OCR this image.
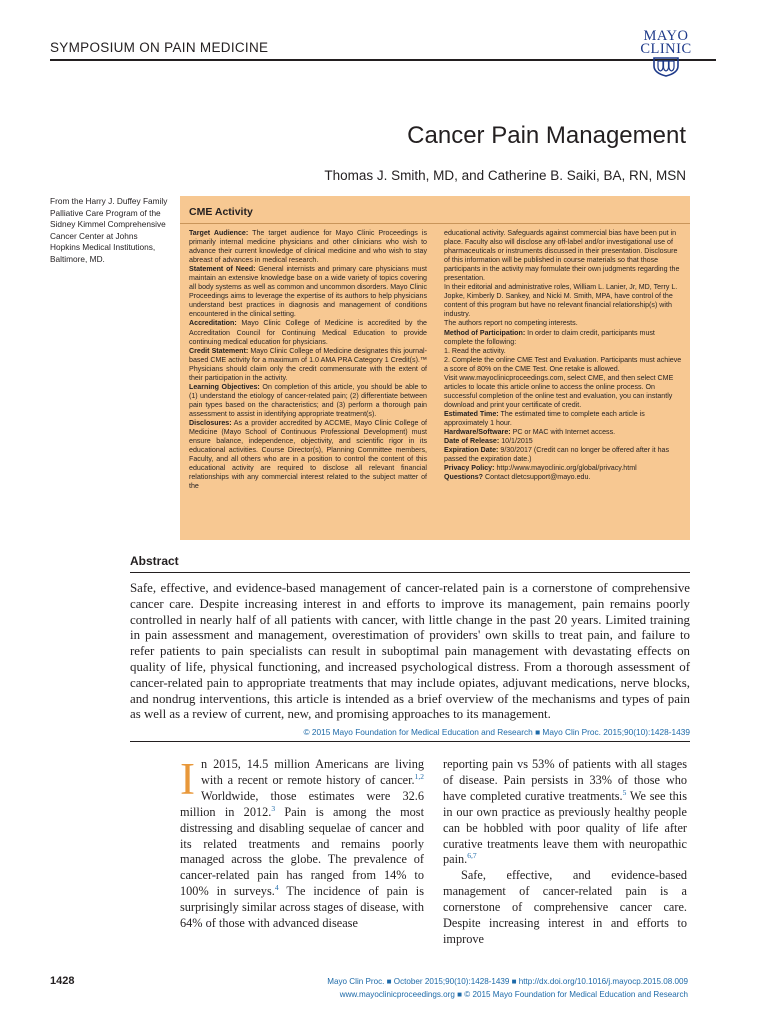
SYMPOSIUM ON PAIN MEDICINE
MAYO
CLINIC
Cancer Pain Management
Thomas J. Smith, MD, and Catherine B. Saiki, BA, RN, MSN
From the Harry J. Duffey Family Palliative Care Program of the Sidney Kimmel Comprehensive Cancer Center at Johns Hopkins Medical Institutions, Baltimore, MD.
CME Activity

Target Audience: The target audience for Mayo Clinic Proceedings is primarily internal medicine physicians and other clinicians who wish to advance their current knowledge of clinical medicine and who wish to stay abreast of advances in medical research.

Statement of Need: General internists and primary care physicians must maintain an extensive knowledge base on a wide variety of topics covering all body systems as well as common and uncommon disorders. Mayo Clinic Proceedings aims to leverage the expertise of its authors to help physicians understand best practices in diagnosis and management of conditions encountered in the clinical setting.

Accreditation: Mayo Clinic College of Medicine is accredited by the Accreditation Council for Continuing Medical Education to provide continuing medical education for physicians.

Credit Statement: Mayo Clinic College of Medicine designates this journal-based CME activity for a maximum of 1.0 AMA PRA Category 1 Credit(s).™ Physicians should claim only the credit commensurate with the extent of their participation in the activity.

Learning Objectives: On completion of this article, you should be able to (1) understand the etiology of cancer-related pain; (2) differentiate between pain types based on the characteristics; and (3) perform a thorough pain assessment to assist in identifying appropriate treatment(s).

Disclosures: As a provider accredited by ACCME, Mayo Clinic College of Medicine (Mayo School of Continuous Professional Development) must ensure balance, independence, objectivity, and scientific rigor in its educational activities. Course Director(s), Planning Committee members, Faculty, and all others who are in a position to control the content of this educational activity are required to disclose all relevant financial relationships with any commercial interest related to the subject matter of the

educational activity. Safeguards against commercial bias have been put in place. Faculty also will disclose any off-label and/or investigational use of pharmaceuticals or instruments discussed in their presentation. Disclosure of this information will be published in course materials so that those participants in the activity may formulate their own judgments regarding the presentation.

In their editorial and administrative roles, William L. Lanier, Jr, MD, Terry L. Jopke, Kimberly D. Sankey, and Nicki M. Smith, MPA, have control of the content of this program but have no relevant financial relationship(s) with industry.

The authors report no competing interests.

Method of Participation: In order to claim credit, participants must complete the following:

1. Read the activity.

2. Complete the online CME Test and Evaluation. Participants must achieve a score of 80% on the CME Test. One retake is allowed.

Visit www.mayoclinicproceedings.com, select CME, and then select CME articles to locate this article online to access the online process. On successful completion of the online test and evaluation, you can instantly download and print your certificate of credit.

Estimated Time: The estimated time to complete each article is approximately 1 hour.

Hardware/Software: PC or MAC with Internet access.

Date of Release: 10/1/2015

Expiration Date: 9/30/2017 (Credit can no longer be offered after it has passed the expiration date.)

Privacy Policy: http://www.mayoclinic.org/global/privacy.html

Questions? Contact dletcsupport@mayo.edu.

Abstract
Safe, effective, and evidence-based management of cancer-related pain is a cornerstone of comprehensive cancer care. Despite increasing interest in and efforts to improve its management, pain remains poorly controlled in nearly half of all patients with cancer, with little change in the past 20 years. Limited training in pain assessment and management, overestimation of providers' own skills to treat pain, and failure to refer patients to pain specialists can result in suboptimal pain management with devastating effects on quality of life, physical functioning, and increased psychological distress. From a thorough assessment of cancer-related pain to appropriate treatments that may include opiates, adjuvant medications, nerve blocks, and nondrug interventions, this article is intended as a brief overview of the mechanisms and types of pain as well as a review of current, new, and promising approaches to its management.
© 2015 Mayo Foundation for Medical Education and Research ■ Mayo Clin Proc. 2015;90(10):1428-1439

In 2015, 14.5 million Americans are living with a recent or remote history of cancer.$^{1,2}$ Worldwide, those estimates were 32.6 million in 2012.$^3$ Pain is among the most distressing and disabling sequelae of cancer and its related treatments and remains poorly managed across the globe. The prevalence of cancer-related pain has ranged from 14% to 100% in surveys.$^4$ The incidence of pain is surprisingly similar across stages of disease, with 64% of those with advanced disease

reporting pain vs 53% of patients with all stages of disease. Pain persists in 33% of those who have completed curative treatments.$^5$ We see this in our own practice as previously healthy people can be hobbled with poor quality of life after curative treatments leave them with neuropathic pain.$^{6,7}$

Safe, effective, and evidence-based management of cancer-related pain is a cornerstone of comprehensive cancer care. Despite increasing interest in and efforts to improve

1428	Mayo Clin Proc. ■ October 2015;90(10):1428-1439 ■ http://dx.doi.org/10.1016/j.mayocp.2015.08.009
www.mayoclinicproceedings.org ■ © 2015 Mayo Foundation for Medical Education and Research
